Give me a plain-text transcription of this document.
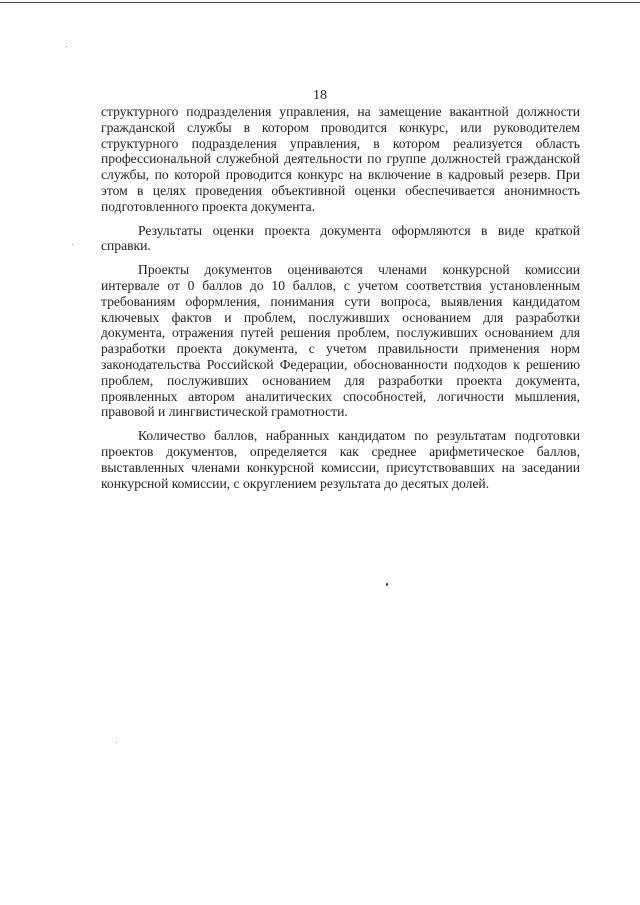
18

структурного подразделения управления, на замещение вакантной должности гражданской службы в котором проводится конкурс, или руководителем структурного подразделения управления, в котором реализуется область профессиональной служебной деятельности по группе должностей гражданской службы, по которой проводится конкурс на включение в кадровый резерв. При этом в целях проведения объективной оценки обеспечивается анонимность подготовленного проекта документа.

Результаты оценки проекта документа оформляются в виде краткой справки.

Проекты документов оцениваются членами конкурсной комиссии интервале от 0 баллов до 10 баллов, с учетом соответствия установленным требованиям оформления, понимания сути вопроса, выявления кандидатом ключевых фактов и проблем, послуживших основанием для разработки документа, отражения путей решения проблем, послуживших основанием для разработки проекта документа, с учетом правильности применения норм законодательства Российской Федерации, обоснованности подходов к решению проблем, послуживших основанием для разработки проекта документа, проявленных автором аналитических способностей, логичности мышления, правовой и лингвистической грамотности.

Количество баллов, набранных кандидатом по результатам подготовки проектов документов, определяется как среднее арифметическое баллов, выставленных членами конкурсной комиссии, присутствовавших на заседании конкурсной комиссии, с округлением результата до десятых долей.
